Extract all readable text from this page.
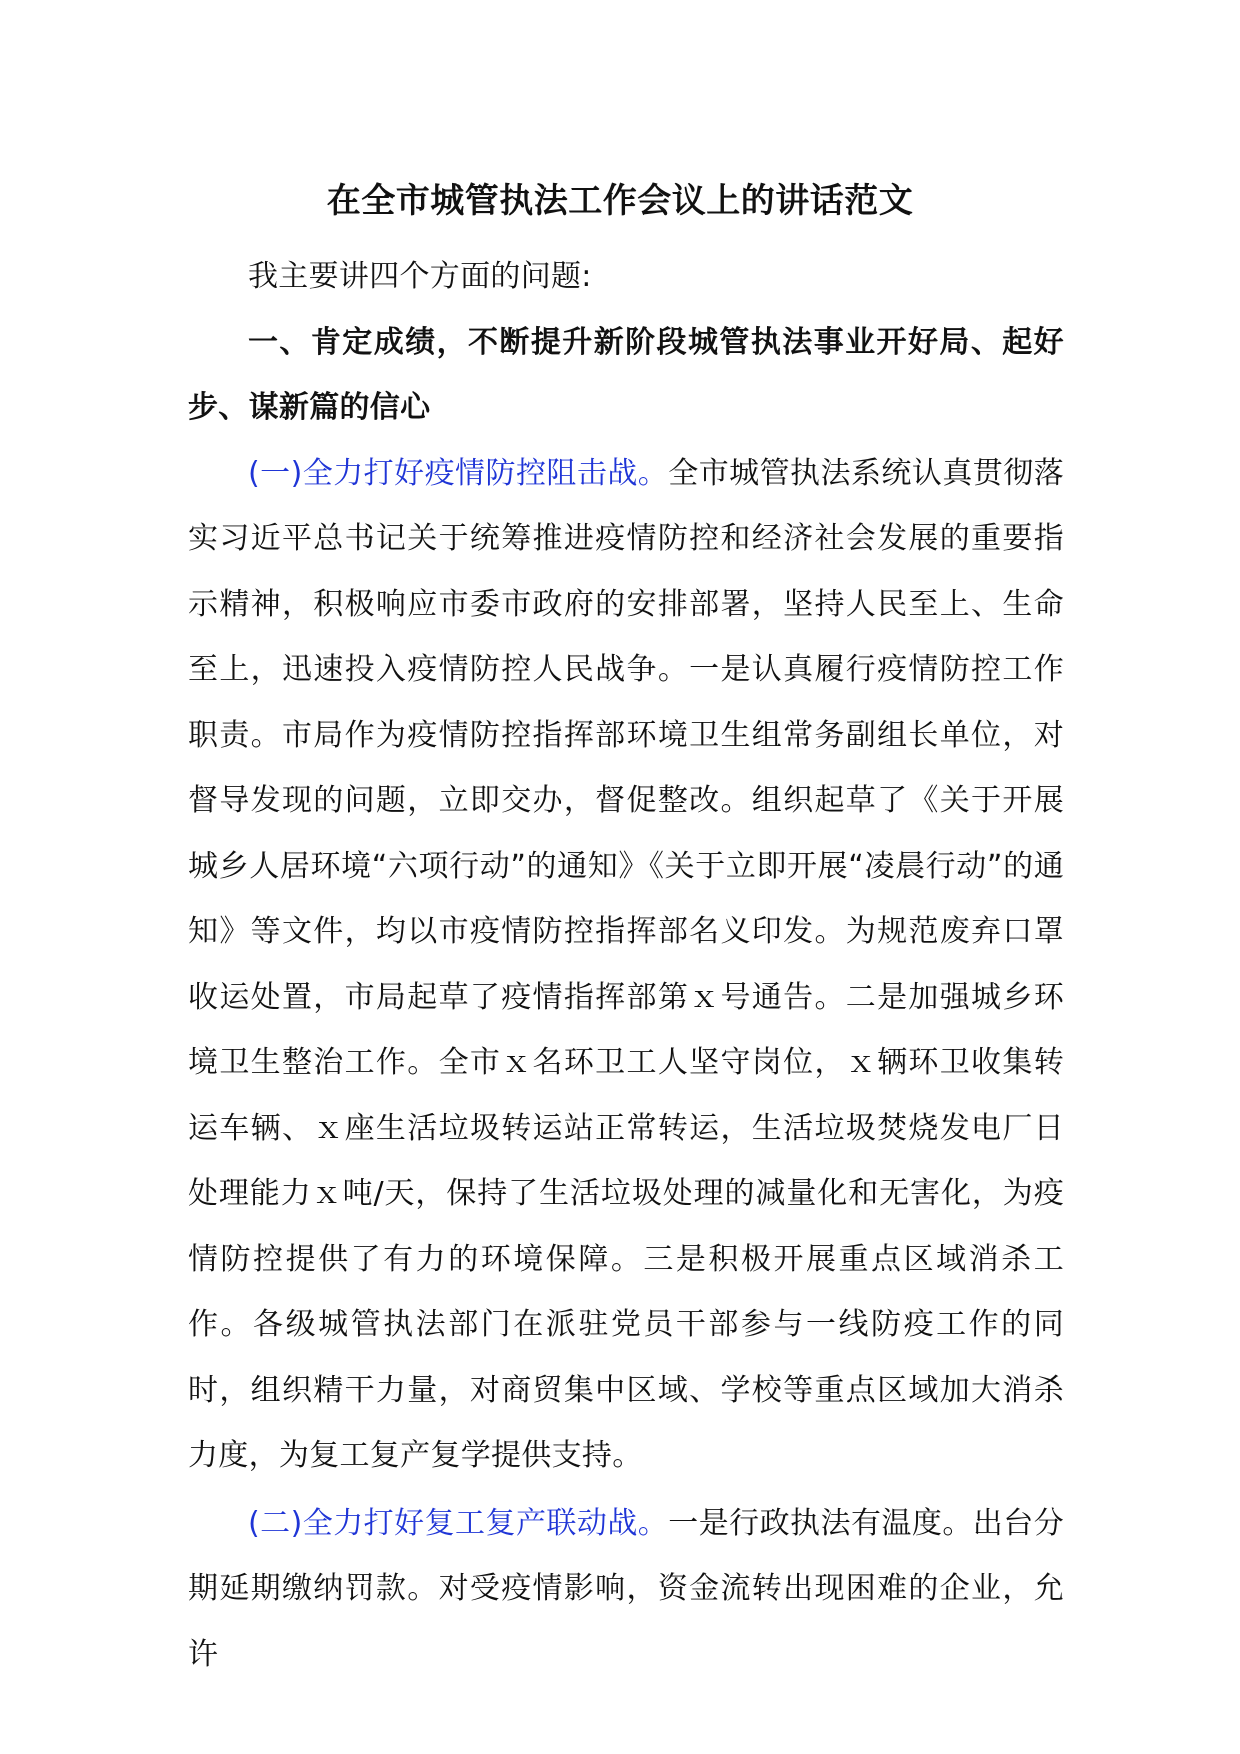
在全市城管执法工作会议上的讲话范文

我主要讲四个方面的问题:

一、肯定成绩，不断提升新阶段城管执法事业开好局、起好步、谋新篇的信心

(一)全力打好疫情防控阻击战。全市城管执法系统认真贯彻落实习近平总书记关于统筹推进疫情防控和经济社会发展的重要指示精神，积极响应市委市政府的安排部署，坚持人民至上、生命至上，迅速投入疫情防控人民战争。一是认真履行疫情防控工作职责。市局作为疫情防控指挥部环境卫生组常务副组长单位，对督导发现的问题，立即交办，督促整改。组织起草了《关于开展城乡人居环境“六项行动”的通知》《关于立即开展“凌晨行动”的通知》等文件，均以市疫情防控指挥部名义印发。为规范废弃口罩收运处置，市局起草了疫情指挥部第ｘ号通告。二是加强城乡环境卫生整治工作。全市ｘ名环卫工人坚守岗位，ｘ辆环卫收集转运车辆、ｘ座生活垃圾转运站正常转运，生活垃圾焚烧发电厂日处理能力ｘ吨/天，保持了生活垃圾处理的减量化和无害化，为疫情防控提供了有力的环境保障。三是积极开展重点区域消杀工作。各级城管执法部门在派驻党员干部参与一线防疫工作的同时，组织精干力量，对商贸集中区域、学校等重点区域加大消杀力度，为复工复产复学提供支持。

(二)全力打好复工复产联动战。一是行政执法有温度。出台分期延期缴纳罚款。对受疫情影响，资金流转出现困难的企业，允许
